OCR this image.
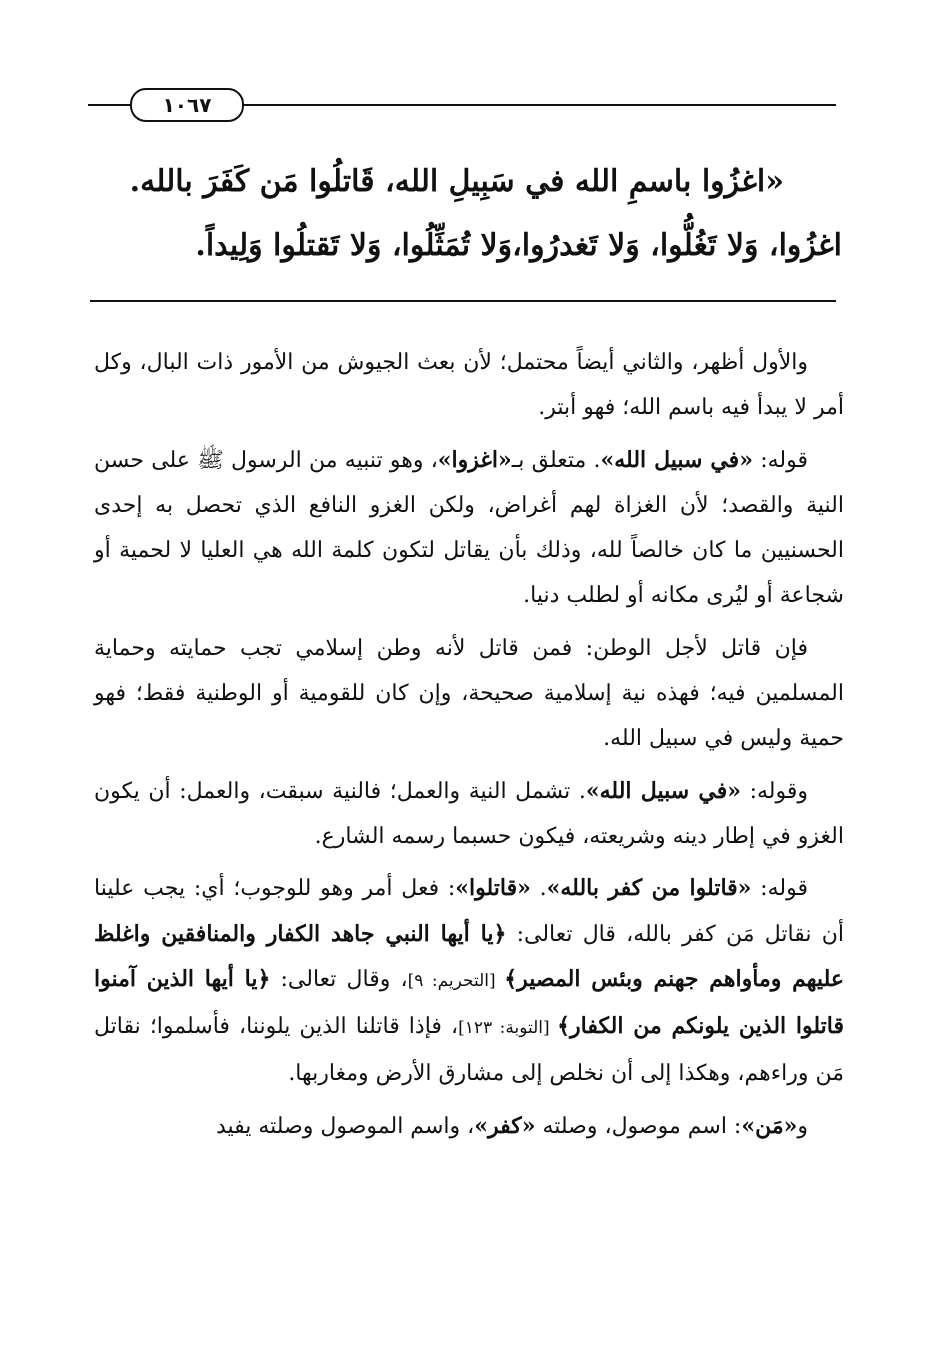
١٠٦٧
«اغزُوا باسمِ الله في سَبِيلِ الله، قَاتلُوا مَن كَفَرَ بالله.
اغزُوا، وَلا تَغُلُّوا، وَلا تَغدرُوا،وَلا تُمَثِّلُوا، وَلا تَقتلُوا وَلِيداً.

والأول أظهر، والثاني أيضاً محتمل؛ لأن بعث الجيوش من الأمور ذات البال، وكل أمر لا يبدأ فيه باسم الله؛ فهو أبتر.

قوله: «في سبيل الله». متعلق بـ«اغزوا»، وهو تنبيه من الرسول ﷺ على حسن النية والقصد؛ لأن الغزاة لهم أغراض، ولكن الغزو النافع الذي تحصل به إحدى الحسنيين ما كان خالصاً لله، وذلك بأن يقاتل لتكون كلمة الله هي العليا لا لحمية أو شجاعة أو ليُرى مكانه أو لطلب دنيا.

فإن قاتل لأجل الوطن: فمن قاتل لأنه وطن إسلامي تجب حمايته وحماية المسلمين فيه؛ فهذه نية إسلامية صحيحة، وإن كان للقومية أو الوطنية فقط؛ فهو حمية وليس في سبيل الله.

وقوله: «في سبيل الله». تشمل النية والعمل؛ فالنية سبقت، والعمل: أن يكون الغزو في إطار دينه وشريعته، فيكون حسبما رسمه الشارع.

قوله: «قاتلوا من كفر بالله». «قاتلوا»: فعل أمر وهو للوجوب؛ أي: يجب علينا أن نقاتل مَن كفر بالله، قال تعالى: ﴿يا أيها النبي جاهد الكفار والمنافقين واغلظ عليهم ومأواهم جهنم وبئس المصير﴾ [التحريم: ٩]، وقال تعالى: ﴿يا أيها الذين آمنوا قاتلوا الذين يلونكم من الكفار﴾ [التوبة: ١٢٣]، فإذا قاتلنا الذين يلوننا، فأسلموا؛ نقاتل مَن وراءهم، وهكذا إلى أن نخلص إلى مشارق الأرض ومغاربها.

و«مَن»: اسم موصول، وصلته «كفر»، واسم الموصول وصلته يفيد
